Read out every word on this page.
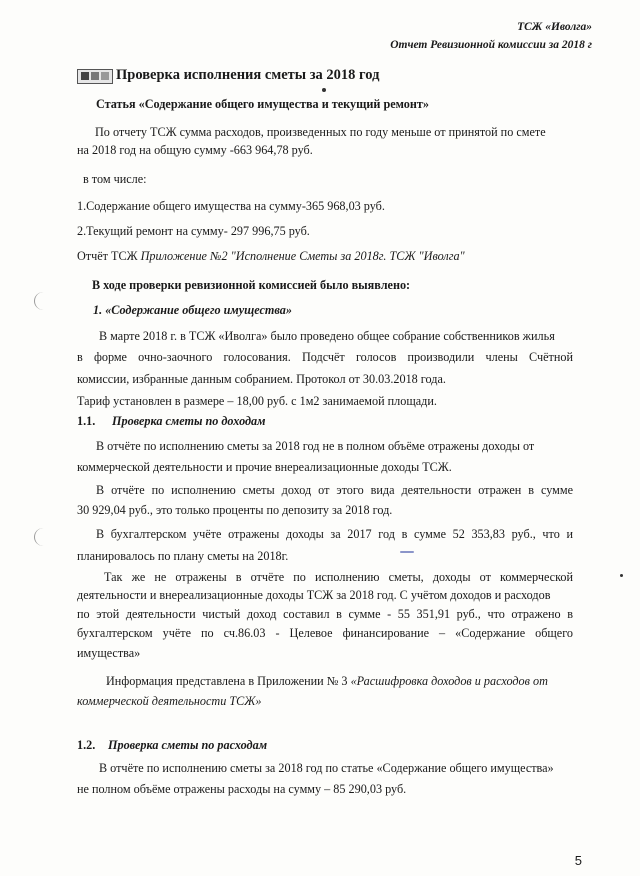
ТСЖ «Иволга»
Отчет Ревизионной комиссии за 2018 г
Проверка исполнения сметы за 2018 год
Статья «Содержание общего имущества и текущий ремонт»
По отчету ТСЖ сумма расходов, произведенных по году меньше от принятой по смете
на 2018 год на общую сумму -663 964,78 руб.
в том числе:
1.Содержание общего имущества на сумму-365 968,03 руб.
2.Текущий ремонт на сумму- 297 996,75 руб.
Отчёт ТСЖ Приложение №2 "Исполнение Сметы за 2018г. ТСЖ "Иволга"
В ходе проверки ревизионной комиссией было выявлено:
1. «Содержание общего имущества»
В марте 2018 г. в ТСЖ «Иволга» было проведено общее собрание собственников жилья
в форме очно-заочного голосования. Подсчёт голосов производили члены Счётной
комиссии, избранные данным собранием. Протокол от 30.03.2018 года.
Тариф установлен в размере – 18,00 руб. с 1м2 занимаемой площади.
1.1. Проверка сметы по доходам
В отчёте по исполнению сметы за 2018 год не в полном объёме отражены доходы от
коммерческой деятельности и прочие внереализационные доходы ТСЖ.
В отчёте по исполнению сметы доход от этого вида деятельности отражен в сумме
30 929,04 руб., это только проценты по депозиту за 2018 год.
В бухгалтерском учёте отражены доходы за 2017 год в сумме 52 353,83 руб., что и
планировалось по плану сметы на 2018г.
Так же не отражены в отчёте по исполнению сметы, доходы от коммерческой
деятельности и внереализационные доходы ТСЖ за 2018 год. С учётом доходов и расходов
по этой деятельности чистый доход составил в сумме - 55 351,91 руб., что отражено в
бухгалтерском учёте по сч.86.03 - Целевое финансирование – «Содержание общего
имущества»
Информация представлена в Приложении № 3 «Расшифровка доходов и расходов от
коммерческой деятельности ТСЖ»
1.2. Проверка сметы по расходам
В отчёте по исполнению сметы за 2018 год по статье «Содержание общего имущества»
не полном объёме отражены расходы на сумму – 85 290,03 руб.
5
